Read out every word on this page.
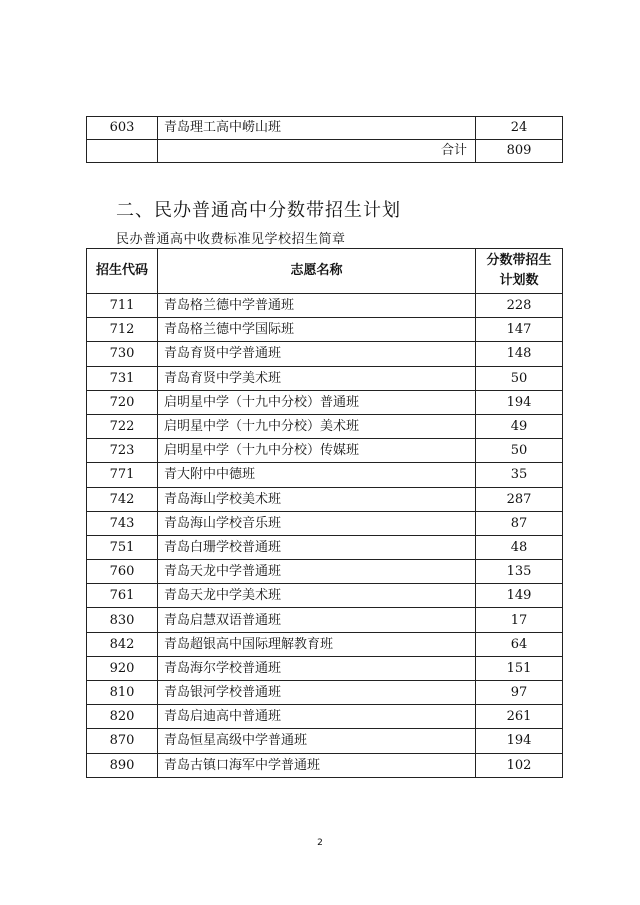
603	青岛理工高中崂山班	24
	合计	809
二、民办普通高中分数带招生计划
民办普通高中收费标准见学校招生简章
招生代码	志愿名称	分数带招生
计划数
711	青岛格兰德中学普通班	228
712	青岛格兰德中学国际班	147
730	青岛育贤中学普通班	148
731	青岛育贤中学美术班	50
720	启明星中学（十九中分校）普通班	194
722	启明星中学（十九中分校）美术班	49
723	启明星中学（十九中分校）传媒班	50
771	青大附中中德班	35
742	青岛海山学校美术班	287
743	青岛海山学校音乐班	87
751	青岛白珊学校普通班	48
760	青岛天龙中学普通班	135
761	青岛天龙中学美术班	149
830	青岛启慧双语普通班	17
842	青岛超银高中国际理解教育班	64
920	青岛海尔学校普通班	151
810	青岛银河学校普通班	97
820	青岛启迪高中普通班	261
870	青岛恒星高级中学普通班	194
890	青岛古镇口海军中学普通班	102
2
